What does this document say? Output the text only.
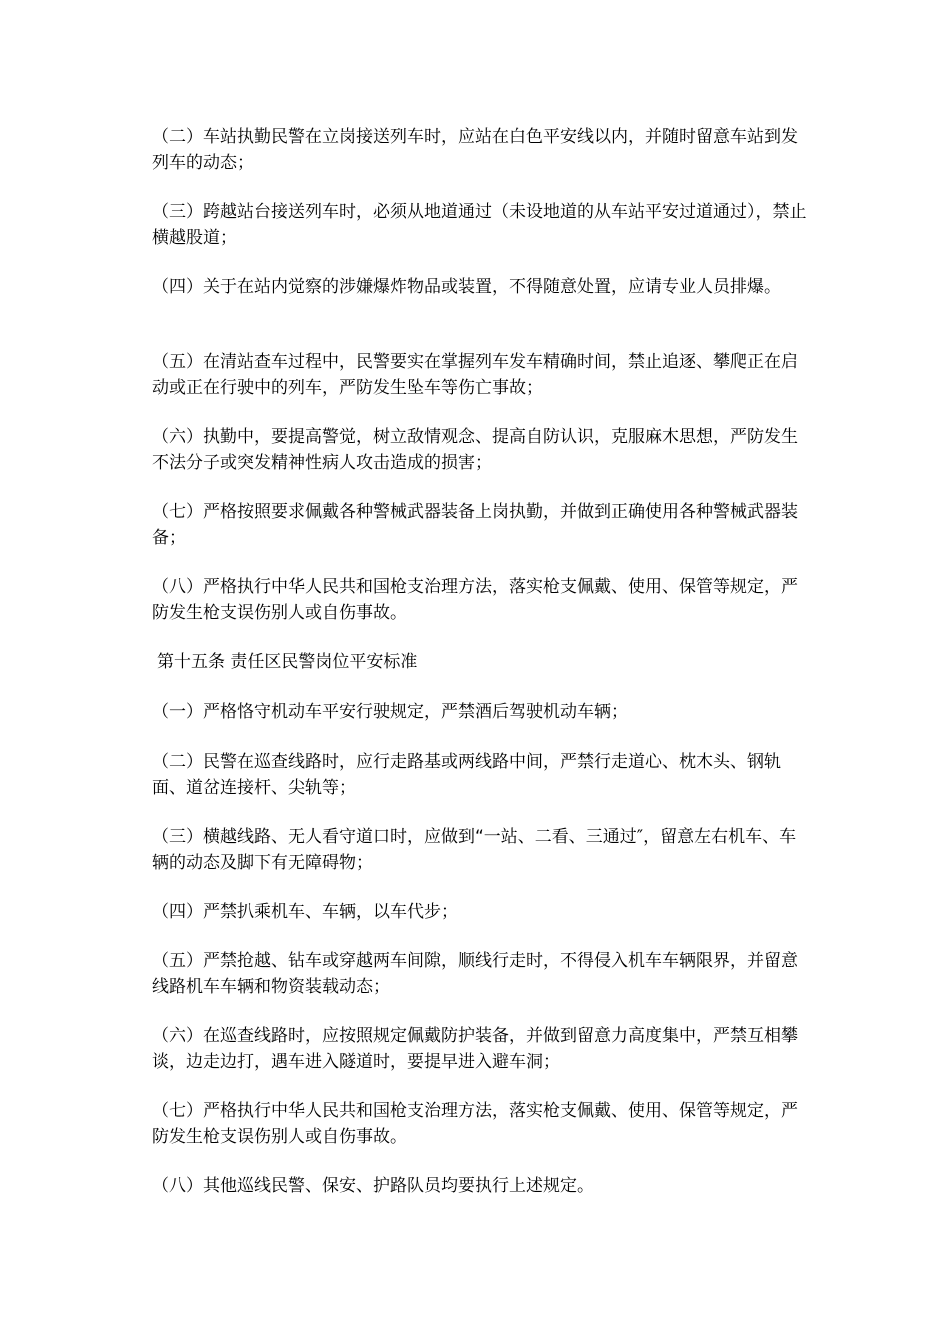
（二）车站执勤民警在立岗接送列车时，应站在白色平安线以内，并随时留意车站到发列车的动态；

（三）跨越站台接送列车时，必须从地道通过（未设地道的从车站平安过道通过），禁止横越股道；

（四）关于在站内觉察的涉嫌爆炸物品或装置，不得随意处置，应请专业人员排爆。

（五）在清站查车过程中，民警要实在掌握列车发车精确时间，禁止追逐、攀爬正在启动或正在行驶中的列车，严防发生坠车等伤亡事故；

（六）执勤中，要提高警觉，树立敌情观念、提高自防认识，克服麻木思想，严防发生不法分子或突发精神性病人攻击造成的损害；

（七）严格按照要求佩戴各种警械武器装备上岗执勤，并做到正确使用各种警械武器装备；

（八）严格执行中华人民共和国枪支治理方法，落实枪支佩戴、使用、保管等规定，严防发生枪支误伤别人或自伤事故。

第十五条 责任区民警岗位平安标准

（一）严格恪守机动车平安行驶规定，严禁酒后驾驶机动车辆；

（二）民警在巡查线路时，应行走路基或两线路中间，严禁行走道心、枕木头、钢轨面、道岔连接杆、尖轨等；

（三）横越线路、无人看守道口时，应做到“一站、二看、三通过″，留意左右机车、车辆的动态及脚下有无障碍物；

（四）严禁扒乘机车、车辆，以车代步；

（五）严禁抢越、钻车或穿越两车间隙，顺线行走时，不得侵入机车车辆限界，并留意线路机车车辆和物资装载动态；

（六）在巡查线路时，应按照规定佩戴防护装备，并做到留意力高度集中，严禁互相攀谈，边走边打，遇车进入隧道时，要提早进入避车洞；

（七）严格执行中华人民共和国枪支治理方法，落实枪支佩戴、使用、保管等规定，严防发生枪支误伤别人或自伤事故。

（八）其他巡线民警、保安、护路队员均要执行上述规定。
